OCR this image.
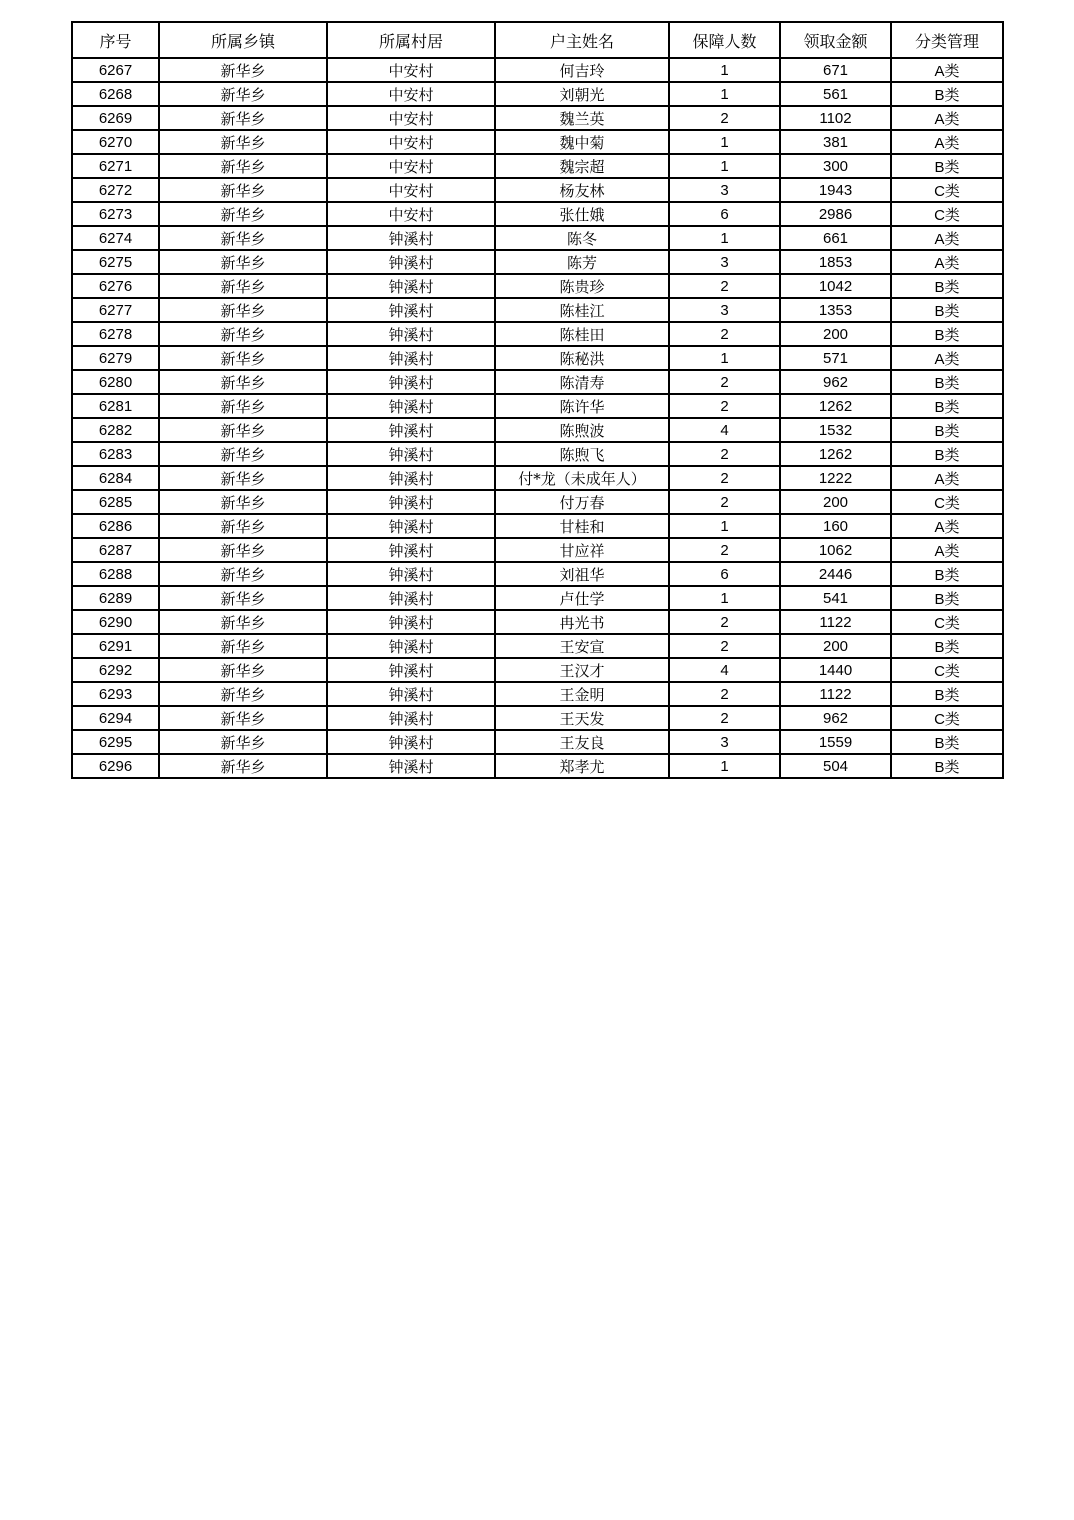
序号	所属乡镇	所属村居	户主姓名	保障人数	领取金额	分类管理
6267	新华乡	中安村	何吉玲	1	671	A类
6268	新华乡	中安村	刘朝光	1	561	B类
6269	新华乡	中安村	魏兰英	2	1102	A类
6270	新华乡	中安村	魏中菊	1	381	A类
6271	新华乡	中安村	魏宗超	1	300	B类
6272	新华乡	中安村	杨友林	3	1943	C类
6273	新华乡	中安村	张仕娥	6	2986	C类
6274	新华乡	钟溪村	陈冬	1	661	A类
6275	新华乡	钟溪村	陈芳	3	1853	A类
6276	新华乡	钟溪村	陈贵珍	2	1042	B类
6277	新华乡	钟溪村	陈桂江	3	1353	B类
6278	新华乡	钟溪村	陈桂田	2	200	B类
6279	新华乡	钟溪村	陈秘洪	1	571	A类
6280	新华乡	钟溪村	陈清寿	2	962	B类
6281	新华乡	钟溪村	陈许华	2	1262	B类
6282	新华乡	钟溪村	陈煦波	4	1532	B类
6283	新华乡	钟溪村	陈煦飞	2	1262	B类
6284	新华乡	钟溪村	付*龙（未成年人）	2	1222	A类
6285	新华乡	钟溪村	付万春	2	200	C类
6286	新华乡	钟溪村	甘桂和	1	160	A类
6287	新华乡	钟溪村	甘应祥	2	1062	A类
6288	新华乡	钟溪村	刘祖华	6	2446	B类
6289	新华乡	钟溪村	卢仕学	1	541	B类
6290	新华乡	钟溪村	冉光书	2	1122	C类
6291	新华乡	钟溪村	王安宣	2	200	B类
6292	新华乡	钟溪村	王汉才	4	1440	C类
6293	新华乡	钟溪村	王金明	2	1122	B类
6294	新华乡	钟溪村	王天发	2	962	C类
6295	新华乡	钟溪村	王友良	3	1559	B类
6296	新华乡	钟溪村	郑孝尤	1	504	B类
